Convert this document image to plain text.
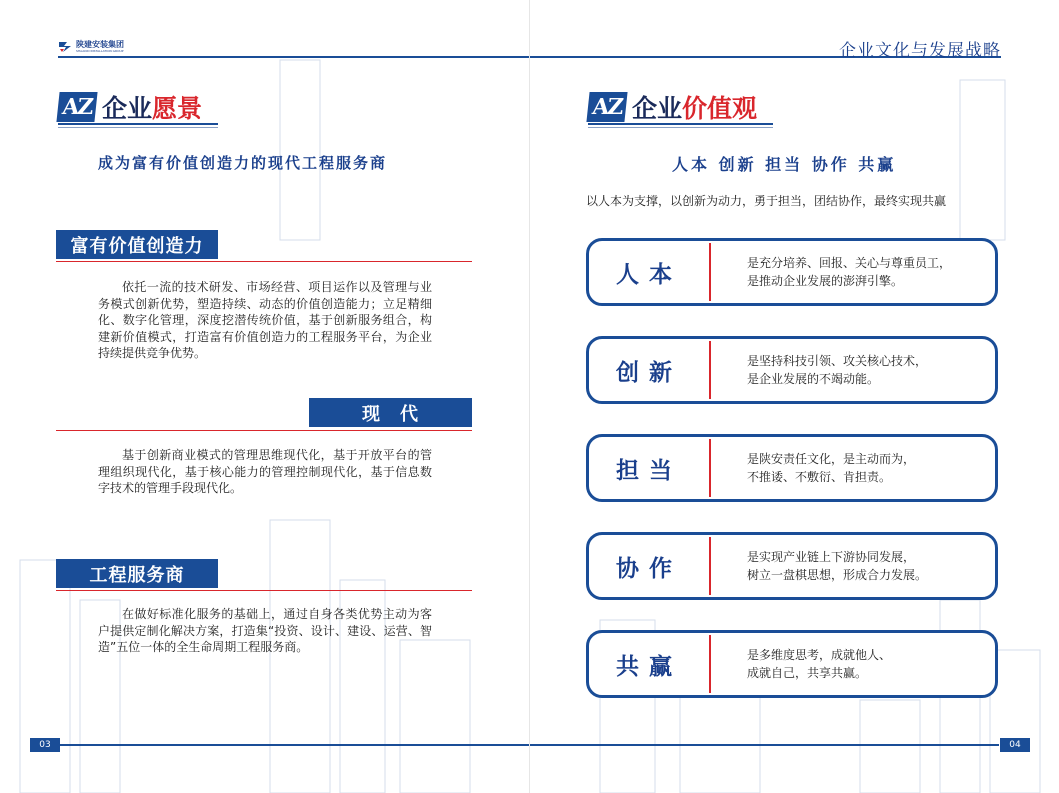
陕建安装集团
SHAANXI INSTALLATION GROUP
AZ 企业 愿景
成为富有价值创造力的现代工程服务商
富有价值创造力
依托一流的技术研发、市场经营、项目运作以及管理与业务模式创新优势，塑造持续、动态的价值创造能力；立足精细化、数字化管理，深度挖潜传统价值，基于创新服务组合，构建新价值模式，打造富有价值创造力的工程服务平台，为企业持续提供竞争优势。
现　代
基于创新商业模式的管理思维现代化，基于开放平台的管理组织现代化，基于核心能力的管理控制现代化，基于信息数字技术的管理手段现代化。
工程服务商
在做好标准化服务的基础上，通过自身各类优势主动为客户提供定制化解决方案，打造集“投资、设计、建设、运营、智造”五位一体的全生命周期工程服务商。
03
企业文化与发展战略
AZ 企业 价值观
人本 创新 担当 协作 共赢
以人本为支撑，以创新为动力，勇于担当，团结协作，最终实现共赢
人本	是充分培养、回报、关心与尊重员工，
是推动企业发展的澎湃引擎。
创新	是坚持科技引领、攻关核心技术，
是企业发展的不竭动能。
担当	是陕安责任文化，是主动而为，
不推诿、不敷衍、肯担责。
协作	是实现产业链上下游协同发展，
树立一盘棋思想，形成合力发展。
共赢	是多维度思考，成就他人、
成就自己，共享共赢。
04
